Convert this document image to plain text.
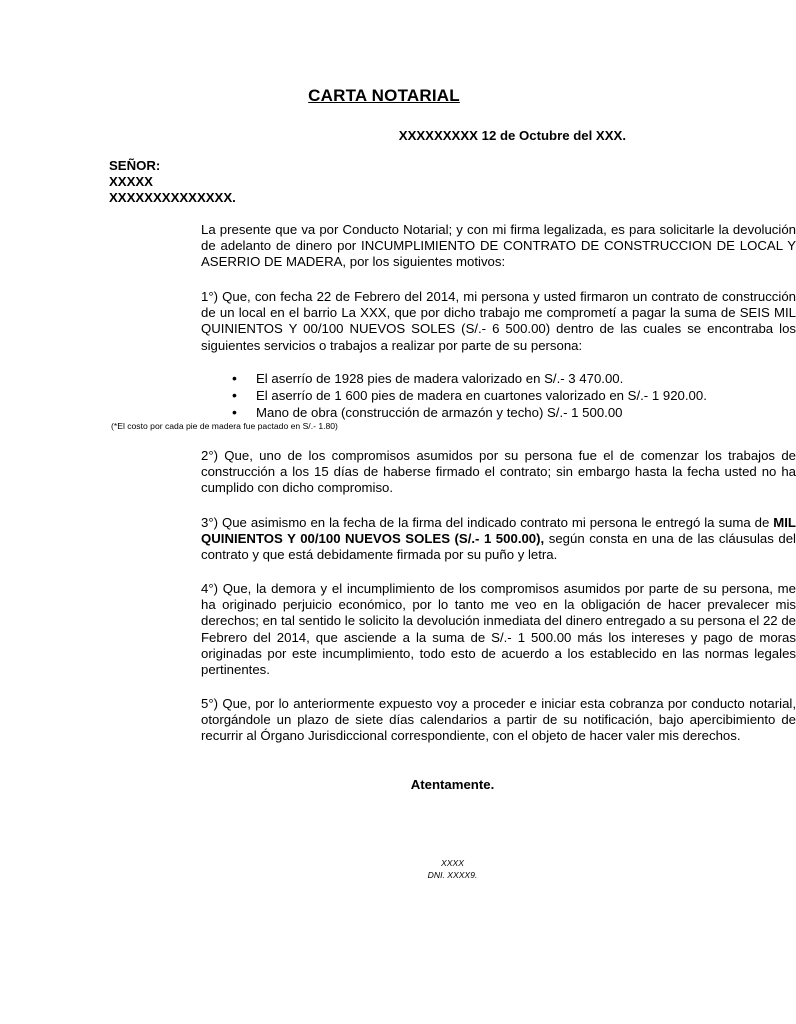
CARTA NOTARIAL
XXXXXXXXX 12 de Octubre del XXX.
SEÑOR:
XXXXX
XXXXXXXXXXXXXX.

La presente que va por Conducto Notarial; y con mi firma legalizada, es para solicitarle la devolución de adelanto de dinero por INCUMPLIMIENTO DE CONTRATO DE CONSTRUCCION DE LOCAL Y ASERRIO DE MADERA, por los siguientes motivos:

1°) Que, con fecha 22 de Febrero del 2014, mi persona y usted firmaron un contrato de construcción de un local en el barrio La XXX, que por dicho trabajo me comprometí a pagar la suma de SEIS MIL QUINIENTOS Y 00/100 NUEVOS SOLES (S/.- 6 500.00) dentro de las cuales se encontraba los siguientes servicios o trabajos a realizar por parte de su persona:

•	El aserrío de 1928 pies de madera valorizado en S/.- 3 470.00.
•	El aserrío de 1 600 pies de madera en cuartones valorizado en S/.- 1 920.00.
•	Mano de obra (construcción de armazón y techo) S/.- 1 500.00
(*El costo por cada pie de madera fue pactado en S/.- 1.80)

2°) Que, uno de los compromisos asumidos por su persona fue el de comenzar los trabajos de construcción a los 15 días de haberse firmado el contrato; sin embargo hasta la fecha usted no ha cumplido con dicho compromiso.

3°) Que asimismo en la fecha de la firma del indicado contrato mi persona le entregó la suma de MIL QUINIENTOS Y 00/100 NUEVOS SOLES (S/.- 1 500.00), según consta en una de las cláusulas del contrato y que está debidamente firmada por su puño y letra.

4°) Que, la demora y el incumplimiento de los compromisos asumidos por parte de su persona, me ha originado perjuicio económico, por lo tanto me veo en la obligación de hacer prevalecer mis derechos; en tal sentido le solicito la devolución inmediata del dinero entregado a su persona el 22 de Febrero del 2014, que asciende a la suma de S/.- 1 500.00 más los intereses y pago de moras originadas por este incumplimiento, todo esto de acuerdo a los establecido en las normas legales pertinentes.

5°) Que, por lo anteriormente expuesto voy a proceder e iniciar esta cobranza por conducto notarial, otorgándole un plazo de siete días calendarios a partir de su notificación, bajo apercibimiento de recurrir al Órgano Jurisdiccional correspondiente, con el objeto de hacer valer mis derechos.

Atentamente.
XXXX
DNI. XXXX9.
